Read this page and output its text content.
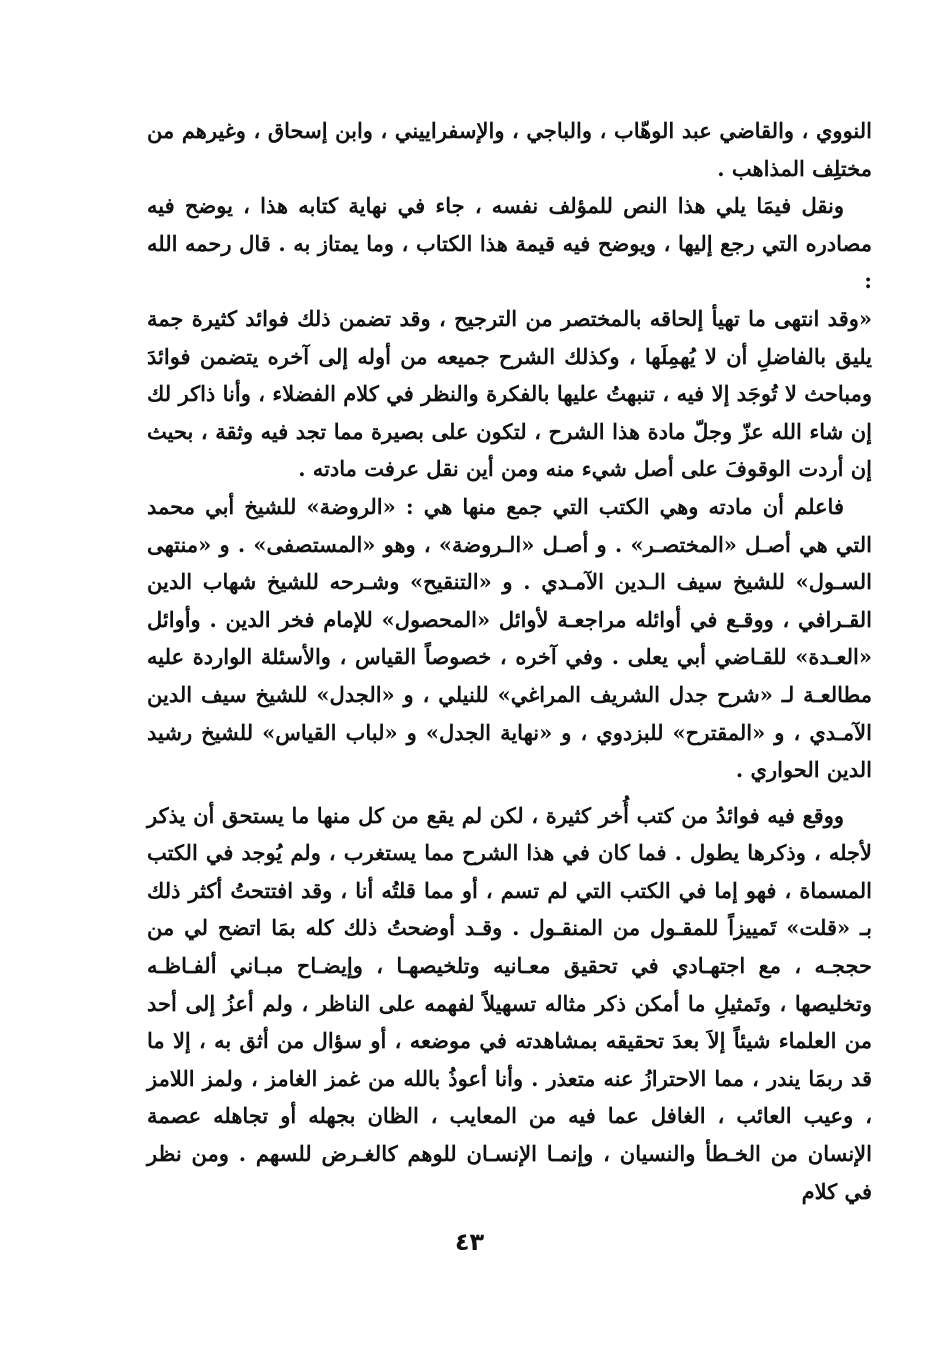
النووي ، والقاضي عبد الوهّاب ، والباجي ، والإسفراييني ، وابن إسحاق ، وغيرهم من مختلِف المذاهب .

ونقل فيمَا يلي هذا النص للمؤلف نفسه ، جاء في نهاية كتابه هذا ، يوضح فيه مصادره التي رجع إليها ، ويوضح فيه قيمة هذا الكتاب ، وما يمتاز به . قال رحمه الله :

«وقد انتهى ما تهيأ إلحاقه بالمختصر من الترجيح ، وقد تضمن ذلك فوائد كثيرة جمة يليق بالفاضلِ أن لا يُهمِلَها ، وكذلك الشرح جميعه من أوله إلى آخره يتضمن فوائدَ ومباحث لا تُوجَد إلا فيه ، تنبهتُ عليها بالفكرة والنظر في كلام الفضلاء ، وأنا ذاكر لك إن شاء الله عزّ وجلّ مادة هذا الشرح ، لتكون على بصيرة مما تجد فيه وثقة ، بحيث إن أردت الوقوفَ على أصل شيء منه ومن أين نقل عرفت مادته .

فاعلم أن مادته وهي الكتب التي جمع منها هي : «الروضة» للشيخ أبي محمد التي هي أصـل «المختصـر» . و أصـل «الـروضة» ، وهو «المستصفى» . و «منتهى السـول» للشيخ سيف الـدين الآمـدي . و «التنقيح» وشـرحه للشيخ شهاب الدين القـرافي ، ووقـع في أوائله مراجعـة لأوائل «المحصول» للإمام فخر الدين . وأوائل «العـدة» للقـاضي أبي يعلى . وفي آخره ، خصوصاً القياس ، والأسئلة الواردة عليه مطالعـة لـ «شرح جدل الشريف المراغي» للنيلي ، و «الجدل» للشيخ سيف الدين الآمـدي ، و «المقترح» للبزدوي ، و «نهاية الجدل» و «لباب القياس» للشيخ رشيد الدين الحواري .

ووقع فيه فوائدُ من كتب أُخر كثيرة ، لكن لم يقع من كل منها ما يستحق أن يذكر لأجله ، وذكرها يطول . فما كان في هذا الشرح مما يستغرب ، ولم يُوجد في الكتب المسماة ، فهو إما في الكتب التي لم تسم ، أو مما قلتُه أنا ، وقد افتتحتُ أكثر ذلك بـ «قلت» تَمييزاً للمقـول من المنقـول . وقـد أوضحتُ ذلك كله بمَا اتضح لي من حججـه ، مع اجتهـادي في تحقيق معـانيه وتلخيصهـا ، وإيضـاح مبـاني ألفـاظـه وتخليصها ، وتَمثيلِ ما أمكن ذكر مثاله تسهيلاً لفهمه على الناظر ، ولم أعزُ إلى أحد من العلماء شيئاً إلاَ بعدَ تحقيقه بمشاهدته في موضعه ، أو سؤال من أثق به ، إلا ما قد ربمَا يندر ، مما الاحترازُ عنه متعذر . وأنا أعوذُ بالله من غمز الغامز ، ولمز اللامز ، وعيب العائب ، الغافل عما فيه من المعايب ، الظان بجهله أو تجاهله عصمة الإنسان من الخـطأ والنسيان ، وإنمـا الإنسـان للوهم كالغـرض للسهم . ومن نظر في كلام

٤٣
